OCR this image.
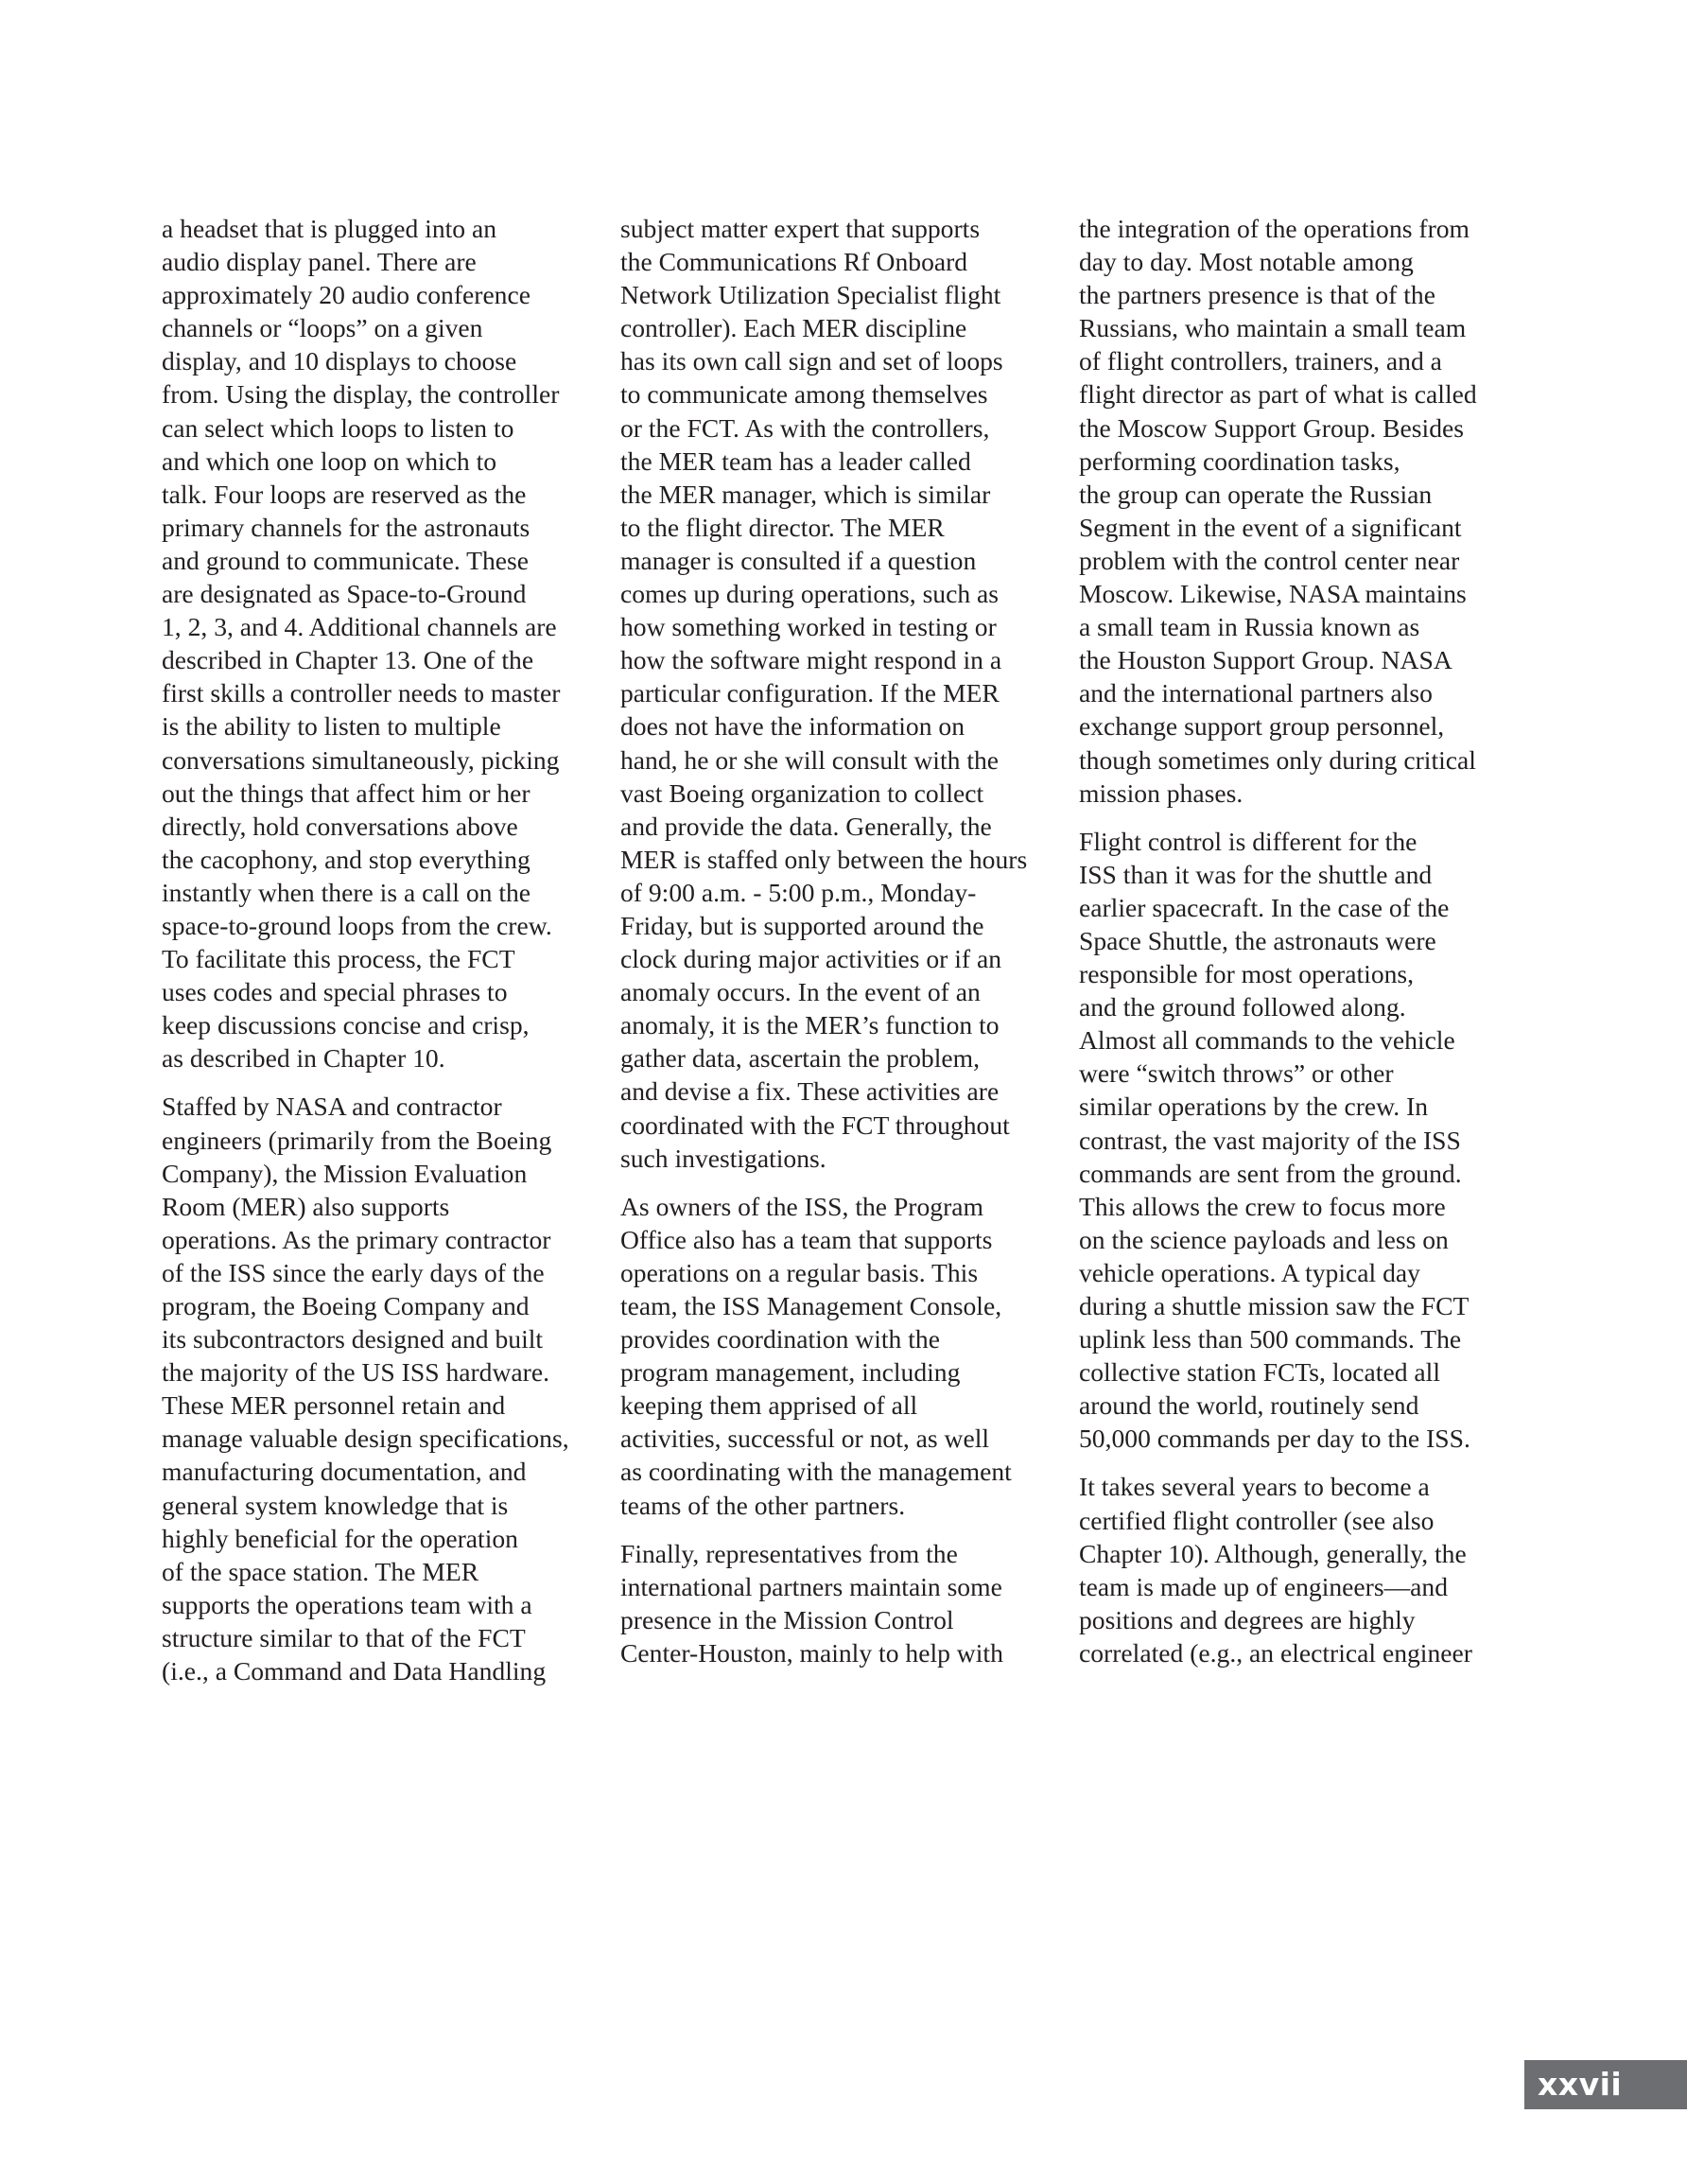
a headset that is plugged into an
audio display panel. There are
approximately 20 audio conference
channels or “loops” on a given
display, and 10 displays to choose
from. Using the display, the controller
can select which loops to listen to
and which one loop on which to
talk. Four loops are reserved as the
primary channels for the astronauts
and ground to communicate. These
are designated as Space-to-Ground
1, 2, 3, and 4. Additional channels are
described in Chapter 13. One of the
first skills a controller needs to master
is the ability to listen to multiple
conversations simultaneously, picking
out the things that affect him or her
directly, hold conversations above
the cacophony, and stop everything
instantly when there is a call on the
space-to-ground loops from the crew.
To facilitate this process, the FCT
uses codes and special phrases to
keep discussions concise and crisp,
as described in Chapter 10.

Staffed by NASA and contractor
engineers (primarily from the Boeing
Company), the Mission Evaluation
Room (MER) also supports
operations. As the primary contractor
of the ISS since the early days of the
program, the Boeing Company and
its subcontractors designed and built
the majority of the US ISS hardware.
These MER personnel retain and
manage valuable design specifications,
manufacturing documentation, and
general system knowledge that is
highly beneficial for the operation
of the space station. The MER
supports the operations team with a
structure similar to that of the FCT
(i.e., a Command and Data Handling

subject matter expert that supports
the Communications Rf Onboard
Network Utilization Specialist flight
controller). Each MER discipline
has its own call sign and set of loops
to communicate among themselves
or the FCT. As with the controllers,
the MER team has a leader called
the MER manager, which is similar
to the flight director. The MER
manager is consulted if a question
comes up during operations, such as
how something worked in testing or
how the software might respond in a
particular configuration. If the MER
does not have the information on
hand, he or she will consult with the
vast Boeing organization to collect
and provide the data. Generally, the
MER is staffed only between the hours
of 9:00 a.m. - 5:00 p.m., Monday-
Friday, but is supported around the
clock during major activities or if an
anomaly occurs. In the event of an
anomaly, it is the MER’s function to
gather data, ascertain the problem,
and devise a fix. These activities are
coordinated with the FCT throughout
such investigations.

As owners of the ISS, the Program
Office also has a team that supports
operations on a regular basis. This
team, the ISS Management Console,
provides coordination with the
program management, including
keeping them apprised of all
activities, successful or not, as well
as coordinating with the management
teams of the other partners.

Finally, representatives from the
international partners maintain some
presence in the Mission Control
Center-Houston, mainly to help with

the integration of the operations from
day to day. Most notable among
the partners presence is that of the
Russians, who maintain a small team
of flight controllers, trainers, and a
flight director as part of what is called
the Moscow Support Group. Besides
performing coordination tasks,
the group can operate the Russian
Segment in the event of a significant
problem with the control center near
Moscow. Likewise, NASA maintains
a small team in Russia known as
the Houston Support Group. NASA
and the international partners also
exchange support group personnel,
though sometimes only during critical
mission phases.

Flight control is different for the
ISS than it was for the shuttle and
earlier spacecraft. In the case of the
Space Shuttle, the astronauts were
responsible for most operations,
and the ground followed along.
Almost all commands to the vehicle
were “switch throws” or other
similar operations by the crew. In
contrast, the vast majority of the ISS
commands are sent from the ground.
This allows the crew to focus more
on the science payloads and less on
vehicle operations. A typical day
during a shuttle mission saw the FCT
uplink less than 500 commands. The
collective station FCTs, located all
around the world, routinely send
50,000 commands per day to the ISS.

It takes several years to become a
certified flight controller (see also
Chapter 10). Although, generally, the
team is made up of engineers—and
positions and degrees are highly
correlated (e.g., an electrical engineer

xxvii
